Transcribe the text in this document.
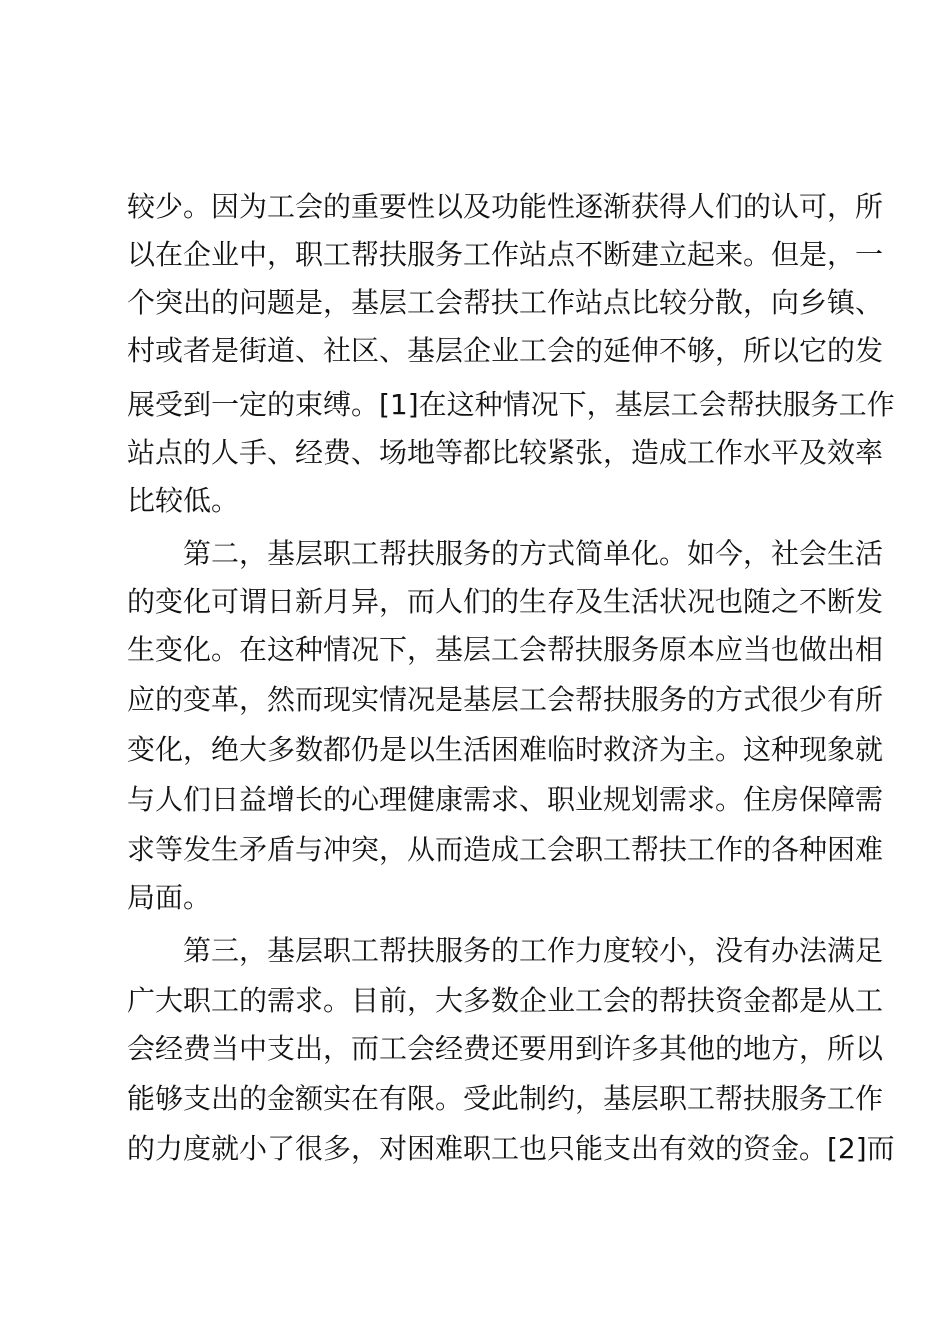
较少。因为工会的重要性以及功能性逐渐获得人们的认可，所
以在企业中，职工帮扶服务工作站点不断建立起来。但是，一
个突出的问题是，基层工会帮扶工作站点比较分散，向乡镇、
村或者是街道、社区、基层企业工会的延伸不够，所以它的发
展受到一定的束缚。[1]在这种情况下，基层工会帮扶服务工作
站点的人手、经费、场地等都比较紧张，造成工作水平及效率
比较低。
第二，基层职工帮扶服务的方式简单化。如今，社会生活
的变化可谓日新月异，而人们的生存及生活状况也随之不断发
生变化。在这种情况下，基层工会帮扶服务原本应当也做出相
应的变革，然而现实情况是基层工会帮扶服务的方式很少有所
变化，绝大多数都仍是以生活困难临时救济为主。这种现象就
与人们日益增长的心理健康需求、职业规划需求。住房保障需
求等发生矛盾与冲突，从而造成工会职工帮扶工作的各种困难
局面。
第三，基层职工帮扶服务的工作力度较小，没有办法满足
广大职工的需求。目前，大多数企业工会的帮扶资金都是从工
会经费当中支出，而工会经费还要用到许多其他的地方，所以
能够支出的金额实在有限。受此制约，基层职工帮扶服务工作
的力度就小了很多，对困难职工也只能支出有效的资金。[2]而
